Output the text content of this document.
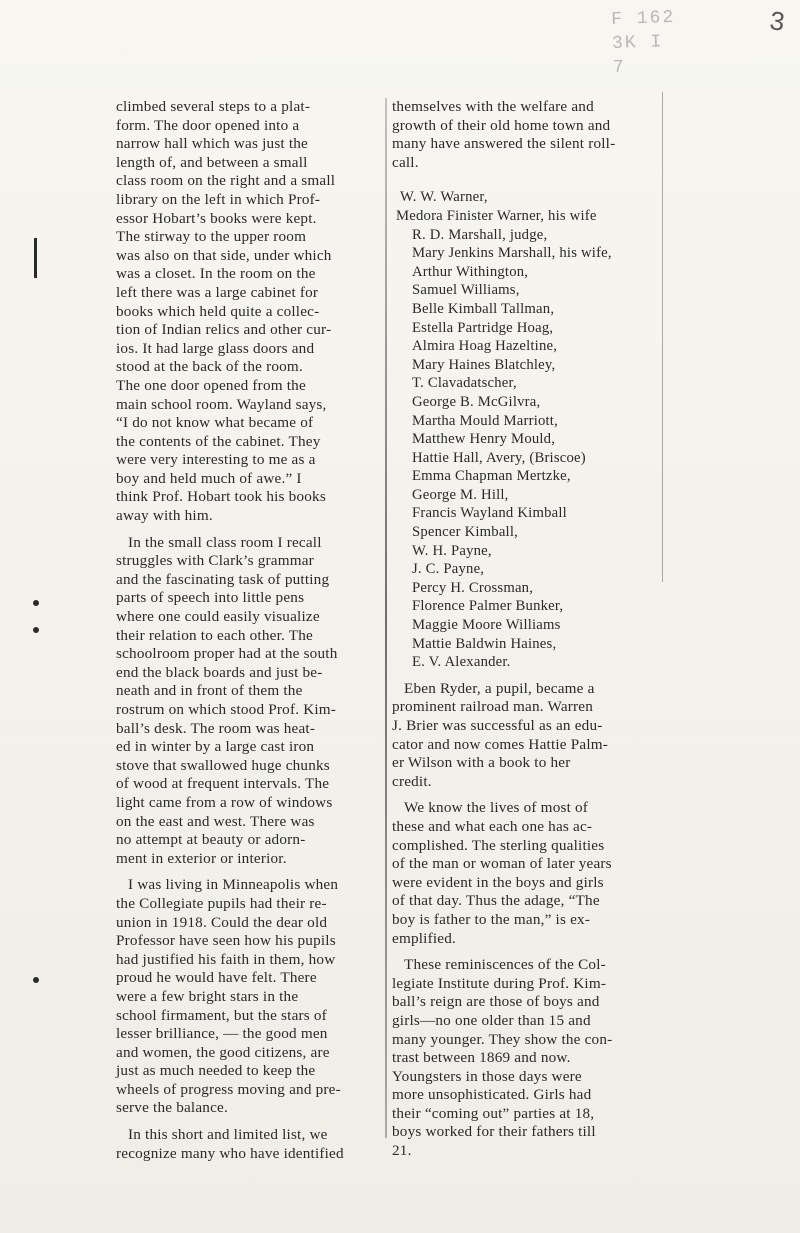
F 162
3K I
7
3

climbed several steps to a plat-
form. The door opened into a
narrow hall which was just the
length of, and between a small
class room on the right and a small
library on the left in which Prof-
essor Hobart’s books were kept.
The stirway to the upper room
was also on that side, under which
was a closet. In the room on the
left there was a large cabinet for
books which held quite a collec-
tion of Indian relics and other cur-
ios. It had large glass doors and
stood at the back of the room.
The one door opened from the
main school room. Wayland says,
“I do not know what became of
the contents of the cabinet. They
were very interesting to me as a
boy and held much of awe.” I
think Prof. Hobart took his books
away with him.

In the small class room I recall
struggles with Clark’s grammar
and the fascinating task of putting
parts of speech into little pens
where one could easily visualize
their relation to each other. The
schoolroom proper had at the south
end the black boards and just be-
neath and in front of them the
rostrum on which stood Prof. Kim-
ball’s desk. The room was heat-
ed in winter by a large cast iron
stove that swallowed huge chunks
of wood at frequent intervals. The
light came from a row of windows
on the east and west. There was
no attempt at beauty or adorn-
ment in exterior or interior.

I was living in Minneapolis when
the Collegiate pupils had their re-
union in 1918. Could the dear old
Professor have seen how his pupils
had justified his faith in them, how
proud he would have felt. There
were a few bright stars in the
school firmament, but the stars of
lesser brilliance, — the good men
and women, the good citizens, are
just as much needed to keep the
wheels of progress moving and pre-
serve the balance.

In this short and limited list, we
recognize many who have identified

themselves with the welfare and
growth of their old home town and
many have answered the silent roll-
call.

W. W. Warner,
Medora Finister Warner, his wife
R. D. Marshall, judge,
Mary Jenkins Marshall, his wife,
Arthur Withington,
Samuel Williams,
Belle Kimball Tallman,
Estella Partridge Hoag,
Almira Hoag Hazeltine,
Mary Haines Blatchley,
T. Clavadatscher,
George B. McGilvra,
Martha Mould Marriott,
Matthew Henry Mould,
Hattie Hall, Avery, (Briscoe)
Emma Chapman Mertzke,
George M. Hill,
Francis Wayland Kimball
Spencer Kimball,
W. H. Payne,
J. C. Payne,
Percy H. Crossman,
Florence Palmer Bunker,
Maggie Moore Williams
Mattie Baldwin Haines,
E. V. Alexander.

Eben Ryder, a pupil, became a
prominent railroad man. Warren
J. Brier was successful as an edu-
cator and now comes Hattie Palm-
er Wilson with a book to her
credit.

We know the lives of most of
these and what each one has ac-
complished. The sterling qualities
of the man or woman of later years
were evident in the boys and girls
of that day. Thus the adage, “The
boy is father to the man,” is ex-
emplified.

These reminiscences of the Col-
legiate Institute during Prof. Kim-
ball’s reign are those of boys and
girls—no one older than 15 and
many younger. They show the con-
trast between 1869 and now.
Youngsters in those days were
more unsophisticated. Girls had
their “coming out” parties at 18,
boys worked for their fathers till
21.
